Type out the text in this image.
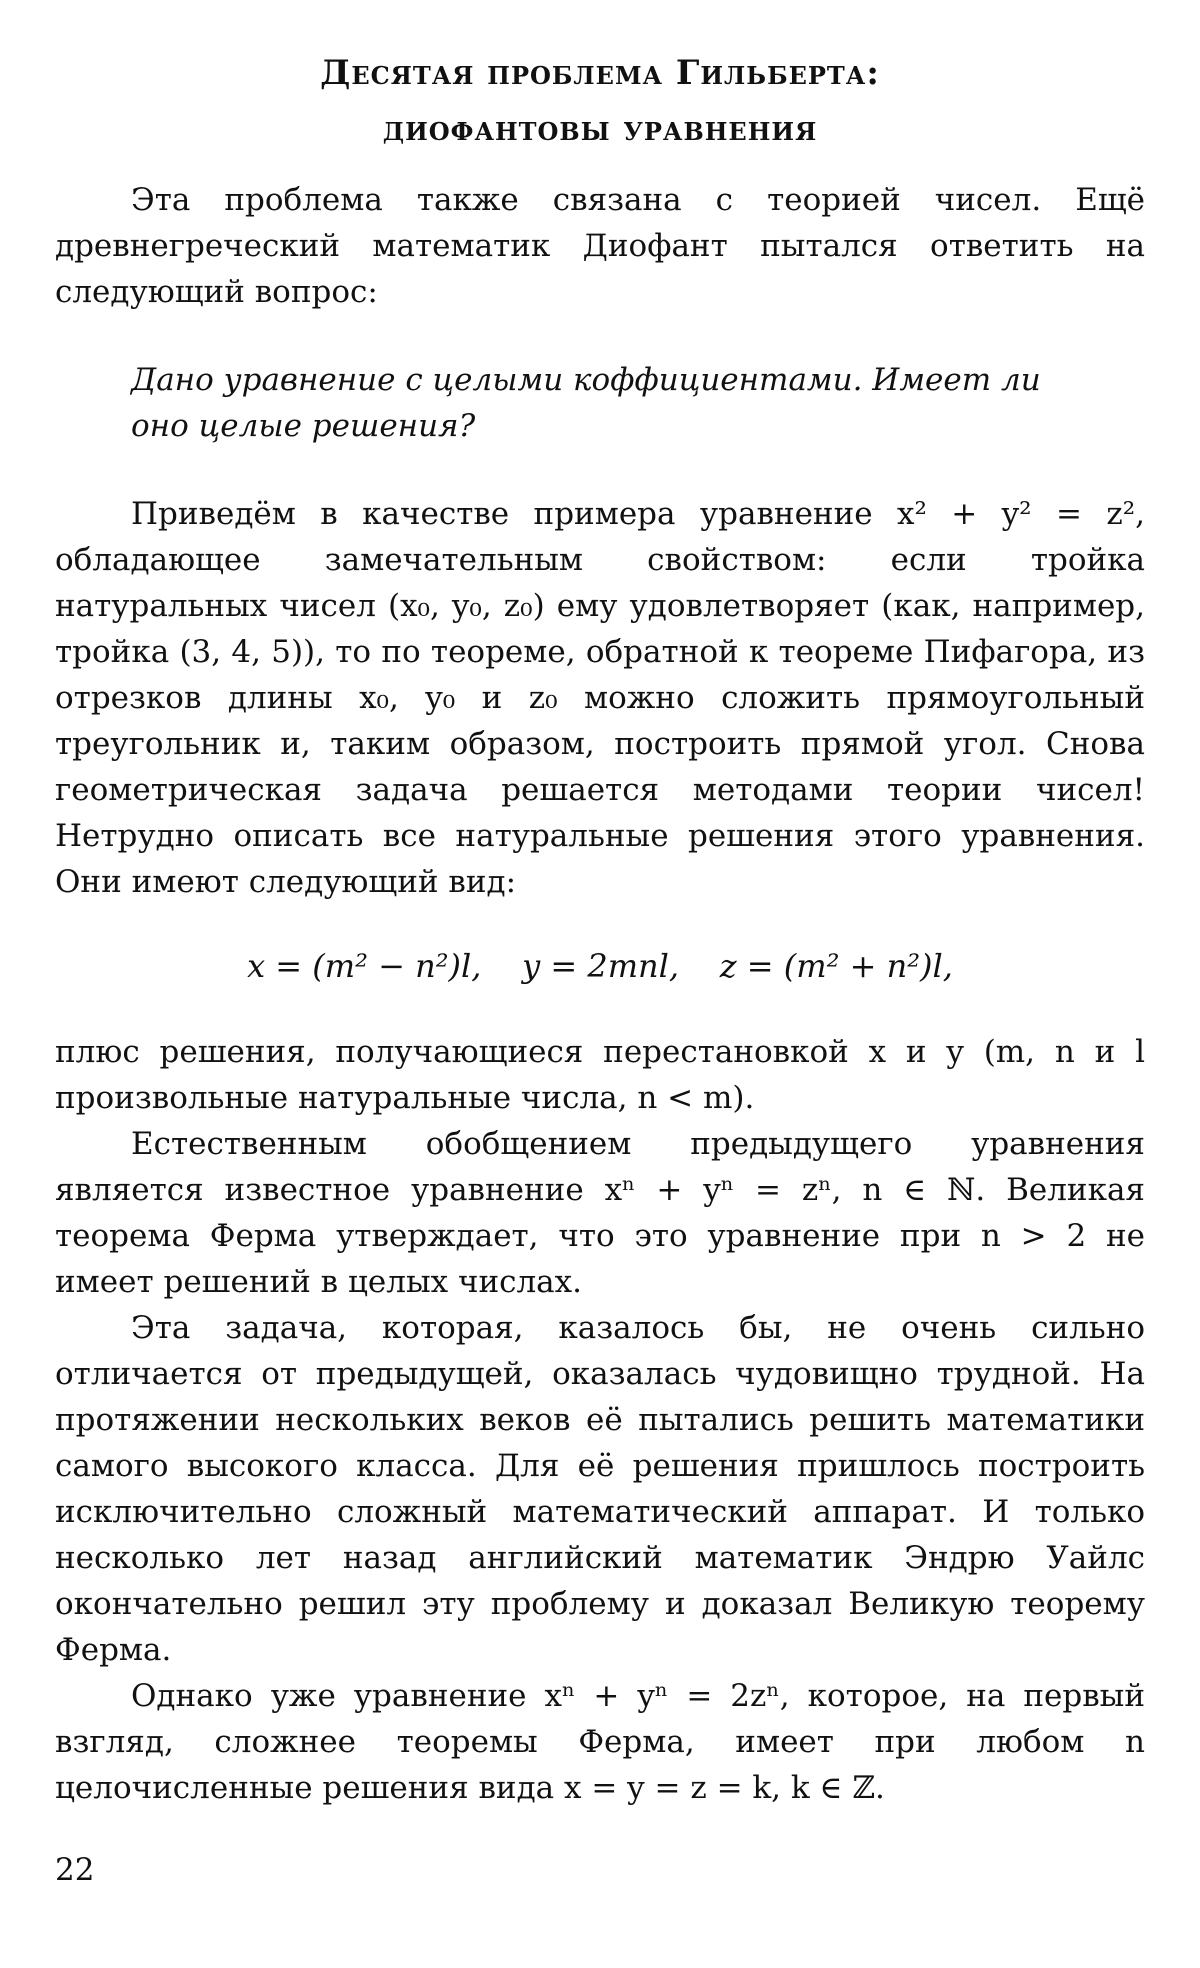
Десятая проблема Гильберта:
диофантовы уравнения

Эта проблема также связана с теорией чисел. Ещё древнегреческий математик Диофант пытался ответить на следующий вопрос:

Дано уравнение с целыми коффициентами. Имеет ли оно целые решения?

Приведём в качестве примера уравнение x² + y² = z², обладающее замечательным свойством: если тройка натуральных чисел (x₀, y₀, z₀) ему удовлетворяет (как, например, тройка (3, 4, 5)), то по теореме, обратной к теореме Пифагора, из отрезков длины x₀, y₀ и z₀ можно сложить прямоугольный треугольник и, таким образом, построить прямой угол. Снова геометрическая задача решается методами теории чисел! Нетрудно описать все натуральные решения этого уравнения. Они имеют следующий вид:

x = (m² − n²)l,    y = 2mnl,    z = (m² + n²)l,

плюс решения, получающиеся перестановкой x и y (m, n и l произвольные натуральные числа, n < m).

Естественным обобщением предыдущего уравнения является известное уравнение xⁿ + yⁿ = zⁿ, n ∈ ℕ. Великая теорема Ферма утверждает, что это уравнение при n > 2 не имеет решений в целых числах.

Эта задача, которая, казалось бы, не очень сильно отличается от предыдущей, оказалась чудовищно трудной. На протяжении нескольких веков её пытались решить математики самого высокого класса. Для её решения пришлось построить исключительно сложный математический аппарат. И только несколько лет назад английский математик Эндрю Уайлс окончательно решил эту проблему и доказал Великую теорему Ферма.

Однако уже уравнение xⁿ + yⁿ = 2zⁿ, которое, на первый взгляд, сложнее теоремы Ферма, имеет при любом n целочисленные решения вида x = y = z = k, k ∈ ℤ.

22
